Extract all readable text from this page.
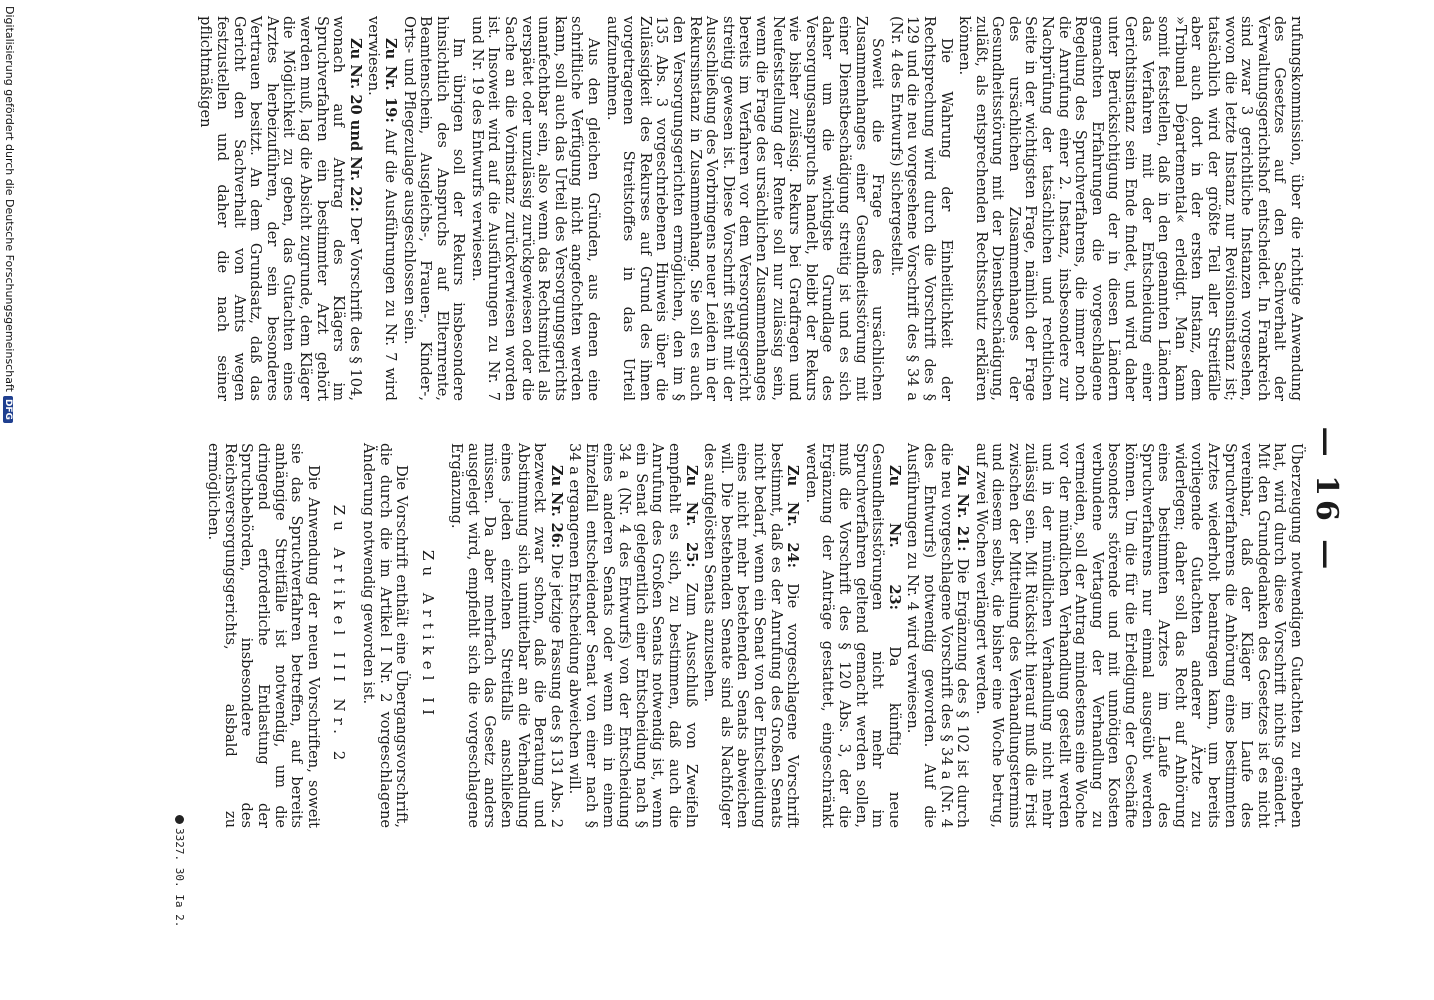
— 16 —

rufungskommission, über die richtige Anwendung des Gesetzes auf den Sachverhalt der Verwaltungsgerichtshof entscheidet. In Frankreich sind zwar 3 gerichtliche Instanzen vorgesehen, wovon die letzte Instanz nur Revisionsinstanz ist; tatsächlich wird der größte Teil aller Streitfälle aber auch dort in der ersten Instanz, dem »Tribunal Départemental« erledigt. Man kann somit feststellen, daß in den genannten Ländern das Verfahren mit der Entscheidung einer Gerichtsinstanz sein Ende findet, und wird daher unter Berücksichtigung der in diesen Ländern gemachten Erfahrungen die vorgeschlagene Regelung des Spruchverfahrens, die immer noch die Anrufung einer 2. Instanz, insbesondere zur Nachprüfung der tatsächlichen und rechtlichen Seite in der wichtigsten Frage, nämlich der Frage des ursächlichen Zusammenhanges der Gesundheitsstörung mit der Dienstbeschädigung, zuläßt, als entsprechenden Rechtsschutz erklären können.

Die Wahrung der Einheitlichkeit der Rechtsprechung wird durch die Vorschrift des § 129 und die neu vorgesehene Vorschrift des § 34 a (Nr. 4 des Entwurfs) sichergestellt.

Soweit die Frage des ursächlichen Zusammenhanges einer Gesundheitsstörung mit einer Dienstbeschädigung streitig ist und es sich daher um die wichtigste Grundlage des Versorgungsanspruchs handelt, bleibt der Rekurs wie bisher zulässig. Rekurs bei Gradfragen und Neufeststellung der Rente soll nur zulässig sein, wenn die Frage des ursächlichen Zusammenhanges bereits im Verfahren vor dem Versorgungsgericht streitig gewesen ist. Diese Vorschrift steht mit der Ausschließung des Vorbringens neuer Leiden in der Rekursinstanz in Zusammenhang. Sie soll es auch den Versorgungsgerichten ermöglichen, den im § 135 Abs. 3 vorgeschriebenen Hinweis über die Zulässigkeit des Rekurses auf Grund des ihnen vorgetragenen Streitstoffes in das Urteil aufzunehmen.

Aus den gleichen Gründen, aus denen eine schriftliche Verfügung nicht angefochten werden kann, soll auch das Urteil des Versorgungsgerichts unanfechtbar sein, also wenn das Rechtsmittel als verspätet oder unzulässig zurückgewiesen oder die Sache an die Vorinstanz zurückverwiesen worden ist. Insoweit wird auf die Ausführungen zu Nr. 7 und Nr. 19 des Entwurfs verwiesen.

Im übrigen soll der Rekurs insbesondere hinsichtlich des Anspruchs auf Elternrente, Beamtenschein, Ausgleichs-, Frauen-, Kinder-, Orts- und Pflegezulage ausgeschlossen sein.

Zu Nr. 19: Auf die Ausführungen zu Nr. 7 wird verwiesen.

Zu Nr. 20 und Nr. 22: Der Vorschrift des § 104, wonach auf Antrag des Klägers im Spruchverfahren ein bestimmter Arzt gehört werden muß, lag die Absicht zugrunde, dem Kläger die Möglichkeit zu geben, das Gutachten eines Arztes herbeizuführen, der sein besonderes Vertrauen besitzt. An dem Grundsatz, daß das Gericht den Sachverhalt von Amts wegen festzustellen und daher die nach seiner pflichtmäßigen

Überzeugung notwendigen Gutachten zu erheben hat, wird durch diese Vorschrift nichts geändert. Mit den Grundgedanken des Gesetzes ist es nicht vereinbar, daß der Kläger im Laufe des Spruchverfahrens die Anhörung eines bestimmten Arztes wiederholt beantragen kann, um bereits vorliegende Gutachten anderer Ärzte zu widerlegen; daher soll das Recht auf Anhörung eines bestimmten Arztes im Laufe des Spruchverfahrens nur einmal ausgeübt werden können. Um die für die Erledigung der Geschäfte besonders störende und mit unnötigen Kosten verbundene Vertagung der Verhandlung zu vermeiden, soll der Antrag mindestens eine Woche vor der mündlichen Verhandlung gestellt werden und in der mündlichen Verhandlung nicht mehr zulässig sein. Mit Rücksicht hierauf muß die Frist zwischen der Mitteilung des Verhandlungstermins und diesem selbst, die bisher eine Woche betrug, auf zwei Wochen verlängert werden.

Zu Nr. 21: Die Ergänzung des § 102 ist durch die neu vorgeschlagene Vorschrift des § 34 a (Nr. 4 des Entwurfs) notwendig geworden. Auf die Ausführungen zu Nr. 4 wird verwiesen.

Zu Nr. 23: Da künftig neue Gesundheitsstörungen nicht mehr im Spruchverfahren geltend gemacht werden sollen, muß die Vorschrift des § 120 Abs. 3, der die Ergänzung der Anträge gestattet, eingeschränkt werden.

Zu Nr. 24: Die vorgeschlagene Vorschrift bestimmt, daß es der Anrufung des Großen Senats nicht bedarf, wenn ein Senat von der Entscheidung eines nicht mehr bestehenden Senats abweichen will. Die bestehenden Senate sind als Nachfolger des aufgelösten Senats anzusehen.

Zu Nr. 25: Zum Ausschluß von Zweifeln empfiehlt es sich, zu bestimmen, daß auch die Anrufung des Großen Senats notwendig ist, wenn ein Senat gelegentlich einer Entscheidung nach § 34 a (Nr. 4 des Entwurfs) von der Entscheidung eines anderen Senats oder wenn ein in einem Einzelfall entscheidender Senat von einer nach § 34 a ergangenen Entscheidung abweichen will.

Zu Nr. 26: Die jetzige Fassung des § 131 Abs. 2 bezweckt zwar schon, daß die Beratung und Abstimmung sich unmittelbar an die Verhandlung eines jeden einzelnen Streitfalls anschließen müssen. Da aber mehrfach das Gesetz anders ausgelegt wird, empfiehlt sich die vorgeschlagene Ergänzung.

Zu Artikel II

Die Vorschrift enthält eine Übergangsvorschrift, die durch die im Artikel I Nr. 2 vorgeschlagene Änderung notwendig geworden ist.

Zu Artikel III Nr. 2

Die Anwendung der neuen Vorschriften, soweit sie das Spruchverfahren betreffen, auf bereits anhängige Streitfälle ist notwendig, um die dringend erforderliche Entlastung der Spruchbehörden, insbesondere des Reichsversorgungsgerichts, alsbald zu ermöglichen.

3327. 30. Ia 2.
Digitalisierung gefördert durch die Deutsche ForschungsgemeinschaftDFG
